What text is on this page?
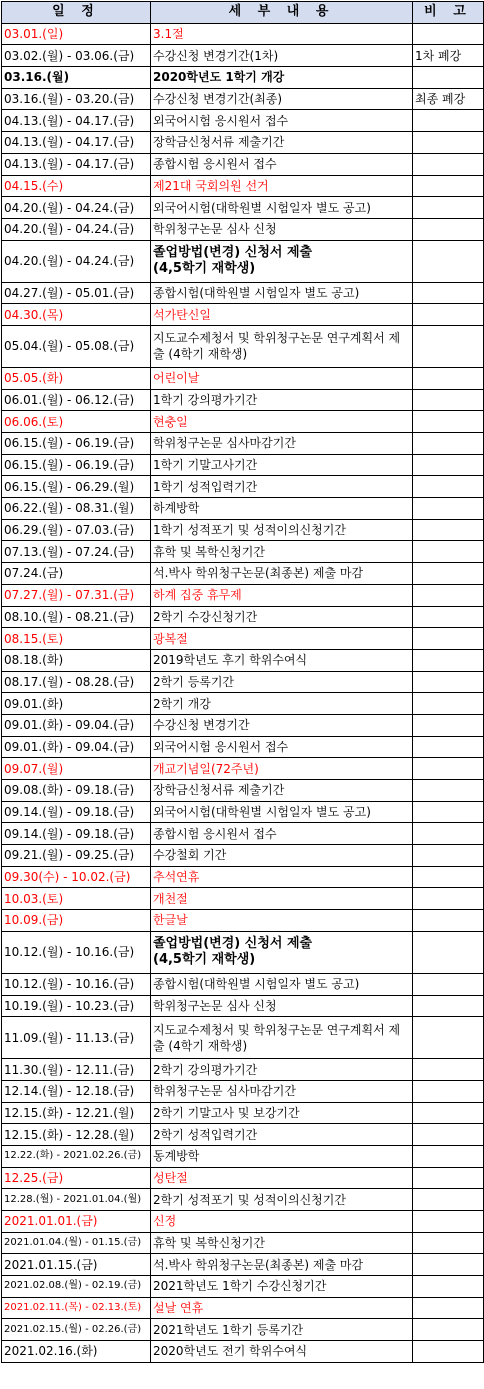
일 정	세 부 내 용	비 고
03.01.(일)	3.1절	
03.02.(월) - 03.06.(금)	수강신청 변경기간(1차)	1차 폐강
03.16.(월)	2020학년도 1학기 개강	
03.16.(월) - 03.20.(금)	수강신청 변경기간(최종)	최종 폐강
04.13.(월) - 04.17.(금)	외국어시험 응시원서 접수	
04.13.(월) - 04.17.(금)	장학금신청서류 제출기간	
04.13.(월) - 04.17.(금)	종합시험 응시원서 접수	
04.15.(수)	제21대 국회의원 선거	
04.20.(월) - 04.24.(금)	외국어시험(대학원별 시험일자 별도 공고)	
04.20.(월) - 04.24.(금)	학위청구논문 심사 신청	
04.20.(월) - 04.24.(금)	졸업방법(변경) 신청서 제출
(4,5학기 재학생)	
04.27.(월) - 05.01.(금)	종합시험(대학원별 시험일자 별도 공고)	
04.30.(목)	석가탄신일	
05.04.(월) - 05.08.(금)	지도교수제청서 및 학위청구논문 연구계획서 제출 (4학기 재학생)	
05.05.(화)	어린이날	
06.01.(월) - 06.12.(금)	1학기 강의평가기간	
06.06.(토)	현충일	
06.15.(월) - 06.19.(금)	학위청구논문 심사마감기간	
06.15.(월) - 06.19.(금)	1학기 기말고사기간	
06.15.(월) - 06.29.(월)	1학기 성적입력기간	
06.22.(월) - 08.31.(월)	하계방학	
06.29.(월) - 07.03.(금)	1학기 성적포기 및 성적이의신청기간	
07.13.(월) - 07.24.(금)	휴학 및 복학신청기간	
07.24.(금)	석.박사 학위청구논문(최종본) 제출 마감	
07.27.(월) - 07.31.(금)	하계 집중 휴무제	
08.10.(월) - 08.21.(금)	2학기 수강신청기간	
08.15.(토)	광복절	
08.18.(화)	2019학년도 후기 학위수여식	
08.17.(월) - 08.28.(금)	2학기 등록기간	
09.01.(화)	2학기 개강	
09.01.(화) - 09.04.(금)	수강신청 변경기간	
09.01.(화) - 09.04.(금)	외국어시험 응시원서 접수	
09.07.(월)	개교기념일(72주년)	
09.08.(화) - 09.18.(금)	장학금신청서류 제출기간	
09.14.(월) - 09.18.(금)	외국어시험(대학원별 시험일자 별도 공고)	
09.14.(월) - 09.18.(금)	종합시험 응시원서 접수	
09.21.(월) - 09.25.(금)	수강철회 기간	
09.30(수) - 10.02.(금)	추석연휴	
10.03.(토)	개천절	
10.09.(금)	한글날	
10.12.(월) - 10.16.(금)	졸업방법(변경) 신청서 제출
(4,5학기 재학생)	
10.12.(월) - 10.16.(금)	종합시험(대학원별 시험일자 별도 공고)	
10.19.(월) - 10.23.(금)	학위청구논문 심사 신청	
11.09.(월) - 11.13.(금)	지도교수제청서 및 학위청구논문 연구계획서 제출 (4학기 재학생)	
11.30.(월) - 12.11.(금)	2학기 강의평가기간	
12.14.(월) - 12.18.(금)	학위청구논문 심사마감기간	
12.15.(화) - 12.21.(월)	2학기 기말고사 및 보강기간	
12.15.(화) - 12.28.(월)	2학기 성적입력기간	
12.22.(화) - 2021.02.26.(금)	동계방학	
12.25.(금)	성탄절	
12.28.(월) - 2021.01.04.(월)	2학기 성적포기 및 성적이의신청기간	
2021.01.01.(금)	신정	
2021.01.04.(월) - 01.15.(금)	휴학 및 복학신청기간	
2021.01.15.(금)	석.박사 학위청구논문(최종본) 제출 마감	
2021.02.08.(월) - 02.19.(금)	2021학년도 1학기 수강신청기간	
2021.02.11.(목) - 02.13.(토)	설날 연휴	
2021.02.15.(월) - 02.26.(금)	2021학년도 1학기 등록기간	
2021.02.16.(화)	2020학년도 전기 학위수여식	
